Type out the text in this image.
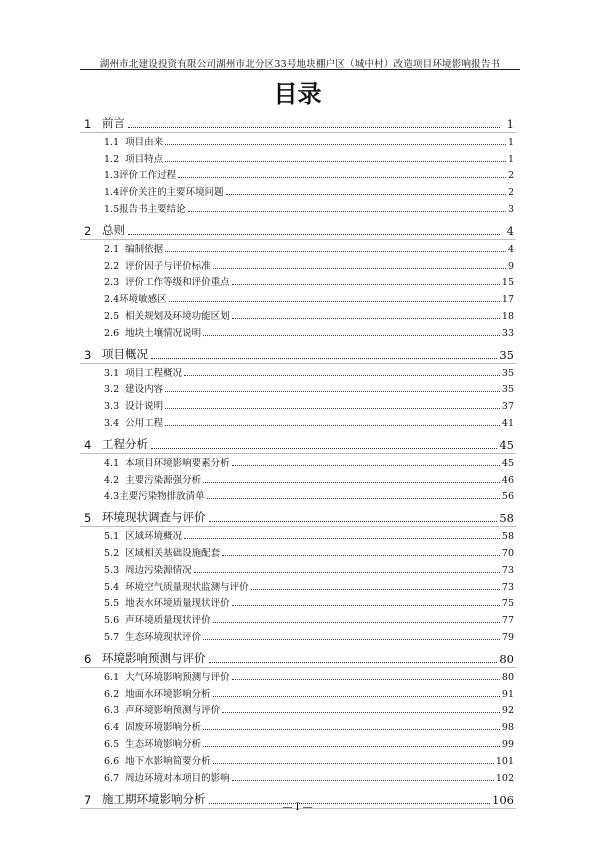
湖州市北建设投资有限公司湖州市北分区33号地块棚户区（城中村）改造项目环境影响报告书
目录
1 前言	1
1.1 项目由来	1
1.2 项目特点	1
1.3 评价工作过程	2
1.4 评价关注的主要环境问题	2
1.5 报告书主要结论	3
2 总则	4
2.1 编制依据	4
2.2 评价因子与评价标准	9
2.3 评价工作等级和评价重点	15
2.4 环境敏感区	17
2.5 相关规划及环境功能区划	18
2.6 地块土壤情况说明	33
3 项目概况	35
3.1 项目工程概况	35
3.2 建设内容	35
3.3 设计说明	37
3.4 公用工程	41
4 工程分析	45
4.1 本项目环境影响要素分析	45
4.2 主要污染源强分析	46
4.3 主要污染物排放清单	56
5 环境现状调查与评价	58
5.1 区域环境概况	58
5.2 区域相关基础设施配套	70
5.3 周边污染源情况	73
5.4 环境空气质量现状监测与评价	73
5.5 地表水环境质量现状评价	75
5.6 声环境质量现状评价	77
5.7 生态环境现状评价	79
6 环境影响预测与评价	80
6.1 大气环境影响预测与评价	80
6.2 地面水环境影响分析	91
6.3 声环境影响预测与评价	92
6.4 固废环境影响分析	98
6.5 生态环境影响分析	99
6.6 地下水影响简要分析	101
6.7 周边环境对本项目的影响	102
7 施工期环境影响分析	106
— I —
